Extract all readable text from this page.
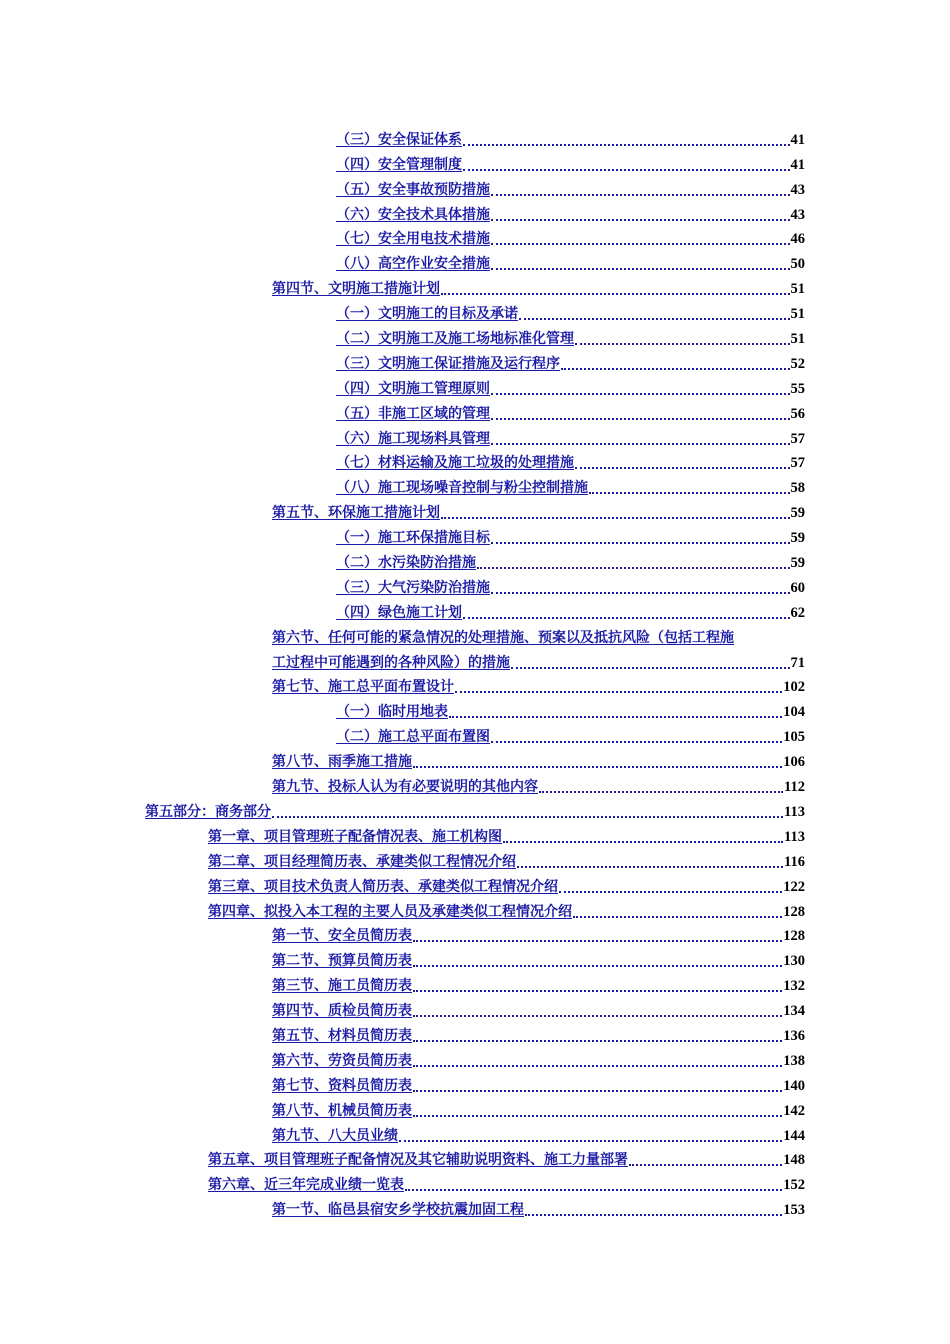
（三）安全保证体系	41
（四）安全管理制度	41
（五）安全事故预防措施	43
（六）安全技术具体措施	43
（七）安全用电技术措施	46
（八）高空作业安全措施	50
第四节、文明施工措施计划	51
（一）文明施工的目标及承诺	51
（二）文明施工及施工场地标准化管理	51
（三）文明施工保证措施及运行程序	52
（四）文明施工管理原则	55
（五）非施工区域的管理	56
（六）施工现场料具管理	57
（七）材料运输及施工垃圾的处理措施	57
（八）施工现场噪音控制与粉尘控制措施	58
第五节、环保施工措施计划	59
（一）施工环保措施目标	59
（二）水污染防治措施	59
（三）大气污染防治措施	60
（四）绿色施工计划	62
第六节、任何可能的紧急情况的处理措施、预案以及抵抗风险（包括工程施
工过程中可能遇到的各种风险）的措施	71
第七节、施工总平面布置设计	102
（一）临时用地表	104
（二）施工总平面布置图	105
第八节、雨季施工措施	106
第九节、投标人认为有必要说明的其他内容	112
第五部分：商务部分	113
第一章、项目管理班子配备情况表、施工机构图	113
第二章、项目经理简历表、承建类似工程情况介绍	116
第三章、项目技术负责人简历表、承建类似工程情况介绍	122
第四章、拟投入本工程的主要人员及承建类似工程情况介绍	128
第一节、安全员简历表	128
第二节、预算员简历表	130
第三节、施工员简历表	132
第四节、质检员简历表	134
第五节、材料员简历表	136
第六节、劳资员简历表	138
第七节、资料员简历表	140
第八节、机械员简历表	142
第九节、八大员业绩	144
第五章、项目管理班子配备情况及其它辅助说明资料、施工力量部署	148
第六章、近三年完成业绩一览表	152
第一节、临邑县宿安乡学校抗震加固工程	153
